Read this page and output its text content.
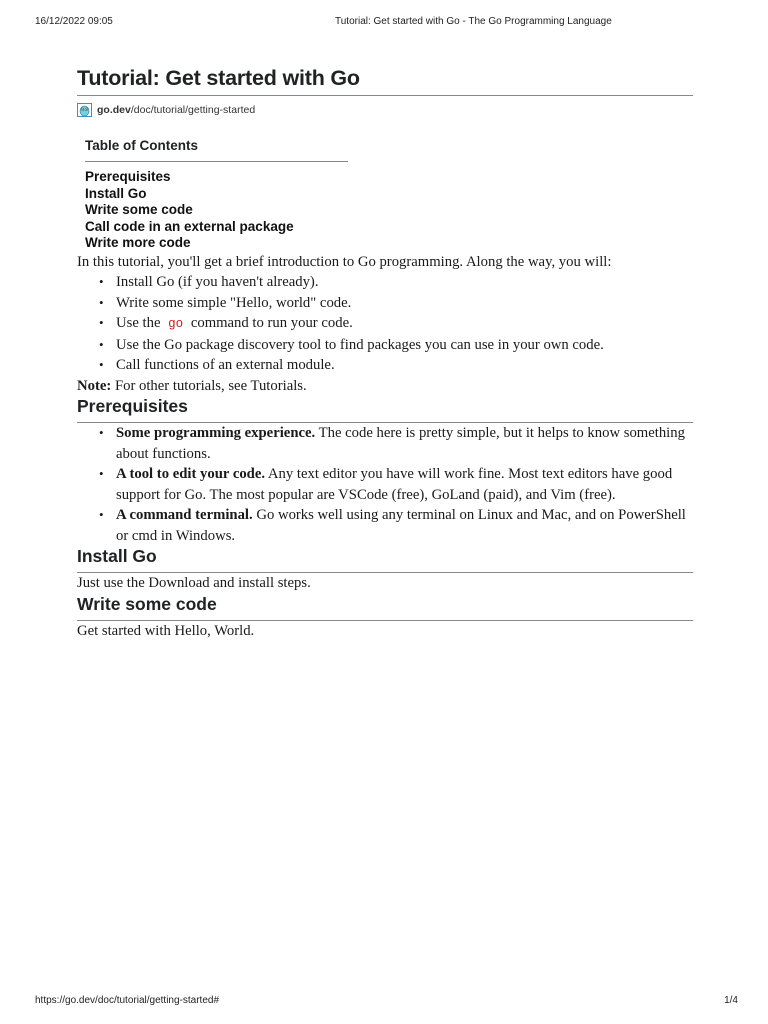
16/12/2022 09:05	Tutorial: Get started with Go - The Go Programming Language
Tutorial: Get started with Go
go.dev /doc/tutorial/getting-started
Table of Contents
Prerequisites
Install Go
Write some code
Call code in an external package
Write more code

In this tutorial, you'll get a brief introduction to Go programming. Along the way, you will:

• Install Go (if you haven't already).
• Write some simple "Hello, world" code.
• Use the go command to run your code.
• Use the Go package discovery tool to find packages you can use in your own code.
• Call functions of an external module.

Note: For other tutorials, see Tutorials.

Prerequisites
• Some programming experience. The code here is pretty simple, but it helps to know something about functions.
• A tool to edit your code. Any text editor you have will work fine. Most text editors have good support for Go. The most popular are VSCode (free), GoLand (paid), and Vim (free).
• A command terminal. Go works well using any terminal on Linux and Mac, and on PowerShell or cmd in Windows.
Install Go

Just use the Download and install steps.

Write some code

Get started with Hello, World.

https://go.dev/doc/tutorial/getting-started#	1/4
